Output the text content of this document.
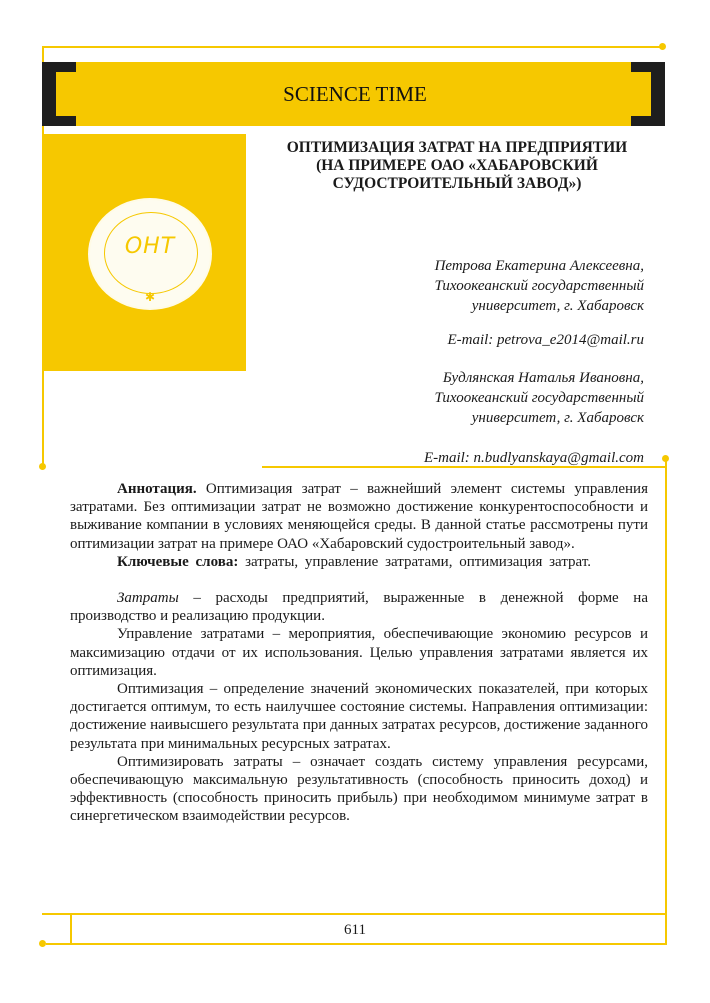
SCIENCE TIME
ОНТ
✱
ОПТИМИЗАЦИЯ ЗАТРАТ НА ПРЕДПРИЯТИИ
(НА ПРИМЕРЕ ОАО «ХАБАРОВСКИЙ
СУДОСТРОИТЕЛЬНЫЙ ЗАВОД»)
Петрова Екатерина Алексеевна,
Тихоокеанский государственный
университет, г. Хабаровск
E-mail: petrova_e2014@mail.ru
Будлянская Наталья Ивановна,
Тихоокеанский государственный
университет, г. Хабаровск
E-mail: n.budlyanskaya@gmail.com

Аннотация. Оптимизация затрат – важнейший элемент системы управления затратами. Без оптимизации затрат не возможно достижение конкурентоспособности и выживание компании в условиях меняющейся среды. В данной статье рассмотрены пути оптимизации затрат на примере ОАО «Хабаровский судостроительный завод».

Ключевые слова: затраты, управление затратами, оптимизация затрат.

Затраты – расходы предприятий, выраженные в денежной форме на производство и реализацию продукции.

Управление затратами – мероприятия, обеспечивающие экономию ресурсов и максимизацию отдачи от их использования. Целью управления затратами является их оптимизация.

Оптимизация – определение значений экономических показателей, при которых достигается оптимум, то есть наилучшее состояние системы. Направления оптимизации: достижение наивысшего результата при данных затратах ресурсов, достижение заданного результата при минимальных ресурсных затратах.

Оптимизировать затраты – означает создать систему управления ресурсами, обеспечивающую максимальную результативность (способность приносить доход) и эффективность (способность приносить прибыль) при необходимом минимуме затрат в синергетическом взаимодействии ресурсов.

611
